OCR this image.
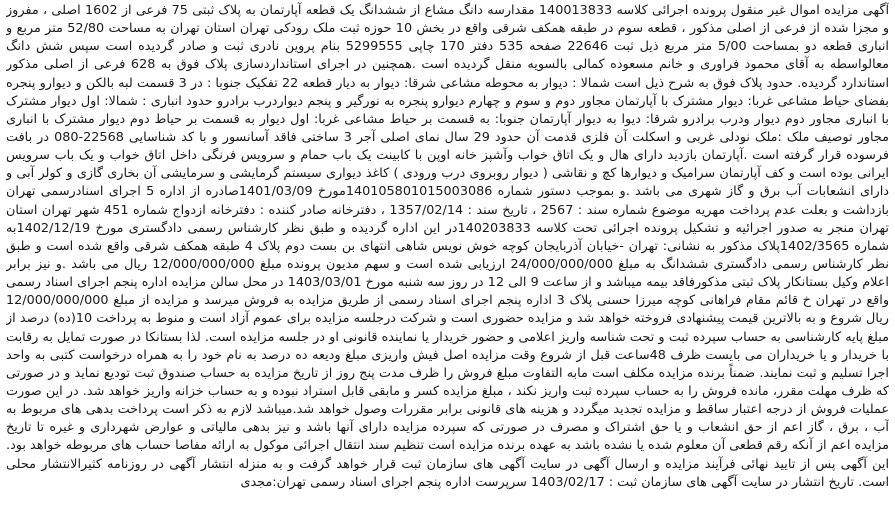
آگهی مزایده اموال غیر منقول پرونده اجرائی کلاسه 140013833 مقدارسه دانگ مشاع از ششدانگ یک قطعه آپارتمان به پلاک ثبتی 75 فرعی از 1602 اصلی ، مفروز و مجزا شده از فرعی از اصلی مذکور ، قطعه سوم در طبقه همکف شرقی واقع در بخش 10 حوزه ثبت ملک رودکی تهران استان تهران به مساحت 52/80 متر مربع و انباری قطعه دو بمساحت 5/00 متر مربع ذیل ثبت 22646 صفحه 535 دفتر 170 چاپی 5299555 بنام پروین نادری ثبت و صادر گردیده است سپس شش دانگ معالواسطه به آقای محمود فراوری و خانم مسعوده کمالی بالسویه منقل گردیده است .همچنین در اجرای استانداردسازی پلاک فوق به 628 فرعی از اصلی مذکور استاندارد گردیده. حدود پلاک فوق به شرح ذیل است شمالا : دیوار به محوطه مشاعی شرقا: دیوار به دیار قطعه 22 تفکیک جنوبا : در 3 قسمت لبه بالکن و دیوارو پنجره بفضای حیاط مشاعی غربا: دیوار مشترک با آپارتمان مجاور دوم و سوم و چهارم دیوارو پنجره به نورگیر و پنجم دیواردرب برادرو حدود انباری : شمالا: اول دیوار مشترک با انباری مجاور دوم دیوار ودرب برادرو شرقا: دیوا به دیوار آپارتمان جنوبا: به قسمت بر حیاط مشاعی غربا: اول دیوار به قسمت بر حیاط دوم دیوار مشترک با انباری مجاور توصیف ملک :ملک نودلی غربی و اسکلت آن فلزی قدمت آن حدود 29 سال نمای اصلی آجر 3 ساختی فاقد آسانسور و با کد شناسایی 22568-080 در بافت فرسوده قرار گرفته است .آپارتمان بازدید دارای هال و یک اتاق خواب وآشپز خانه اوپن با کابینت یک باب حمام و سرویس فرنگی داخل اتاق خواب و یک باب سرویس ایرانی بوده است و کف آپارتمان سرامیک و دیوارها کچ و نقاشی ( دیوار روبروی درب ورودی ) کاغذ دیواری سیستم گرمایشی و سرمایشی آن بخاری گازی و کولر آبی و دارای انشعابات آب برق و گاز شهری می باشد .و بموجب دستور شماره 140105801015003086مورخ 1401/03/09صادره از اداره 5 اجرای اسنادرسمی تهران بازداشت و بعلت عدم پرداخت مهریه موضوع شماره سند : 2567 ، تاریخ سند : 1357/02/14 ، دفترخانه صادر کننده : دفترخانه ازدواج شماره 451 شهر تهران استان تهران منجر به صدور اجرائیه و تشکیل پرونده اجرائی تحت کلاسه 140203833در این اداره گردیده و طبق نظر کارشناس رسمی دادگستری مورخ 1402/12/19به شماره 1402/3565پلاک مذکور به نشانی: تهران -خیابان آذربایجان کوچه خوش نویس شاهی انتهای بن بست دوم پلاک 4 طبقه همکف شرقی واقع شده است و طبق نظر کارشناس رسمی دادگستری ششدانگ به مبلغ 24/000/000/000 ارزیابی شده است و سهم مدیون پرونده مبلغ 12/000/000/000 ریال می باشد .و نیز برابر اعلام وکیل بستانکار پلاک ثبتی مذکورفاقد بیمه میباشد و از ساعت 9 الی 12 در روز سه شنبه مورخ 1403/03/01 در محل سالن مزایده اداره پنجم اجرای اسناد رسمی واقع در تهران خ قائم مقام فراهانی کوچه میرزا حسنی پلاک 3 اداره پنجم اجرای اسناد رسمی از طریق مزایده به فروش میرسد و مزایده از مبلغ 12/000/000/000 ریال شروع و به بالاترین قیمت پیشنهادی فروخته خواهد شد و مزایده حضوری است و شرکت درجلسه مزایده برای عموم آزاد است و منوط به پرداخت 10(ده) درصد از مبلغ پایه کارشناسی به حساب سپرده ثبت و تحت شناسه واریز اعلامی و حضور خریدار یا نماینده قانونی او در جلسه مزایده است. لذا بستانکا در صورت تمایل به رقابت با خریدار و یا خریداران می بایست ظرف 48ساعت قبل از شروع وقت مزایده اصل فیش واریزی مبلغ ودیعه ده درصد به نام خود را به همراه درخواست کتبی به واحد اجرا تسلیم و ثبت نمایند. ضمناً برنده مزایده مکلف است مابه التفاوت مبلغ فروش را ظرف مدت پنج روز از تاریخ مزایده به حساب صندوق ثبت تودیع نماید و در صورتی که ظرف مهلت مقرر، مانده فروش را به حساب سپرده ثبت واریز نکند ، مبلغ مزایده کسر و مابقی قابل استراد نبوده و به حساب خزانه واریز خواهد شد. در این صورت عملیات فروش از درجه اعتبار ساقط و مزایده تجدید میگردد و هزینه های قانونی برابر مقررات وصول خواهد شد.میباشد لازم به ذکر است پرداخت بدهی های مربوط به آب ، برق ، گاز اعم از حق انشعاب و یا حق اشتراک و مصرف در صورتی که سپرده مزایده دارای آنها باشد و نیز بدهی مالیاتی و عوارض شهرداری و غیره تا تاریخ مزایده اعم از آنکه رقم قطعی آن معلوم شده یا نشده باشد به عهده برنده مزایده است تنظیم سند انتقال اجرائی موکول به ارائه مفاصا حساب های مربوطه خواهد بود. این آگهی پس از تایید نهائی فرآیند مزایده و ارسال آگهی در سایت آگهی های سازمان ثبت قرار خواهد گرفت و به منزله انتشار آگهی در روزنامه کثیرالانتشار محلی است. تاریخ انتشار در سایت آگهی های سازمان ثبت : 1403/02/17 سرپرست اداره پنجم اجرای اسناد رسمی تهران:مجدی
